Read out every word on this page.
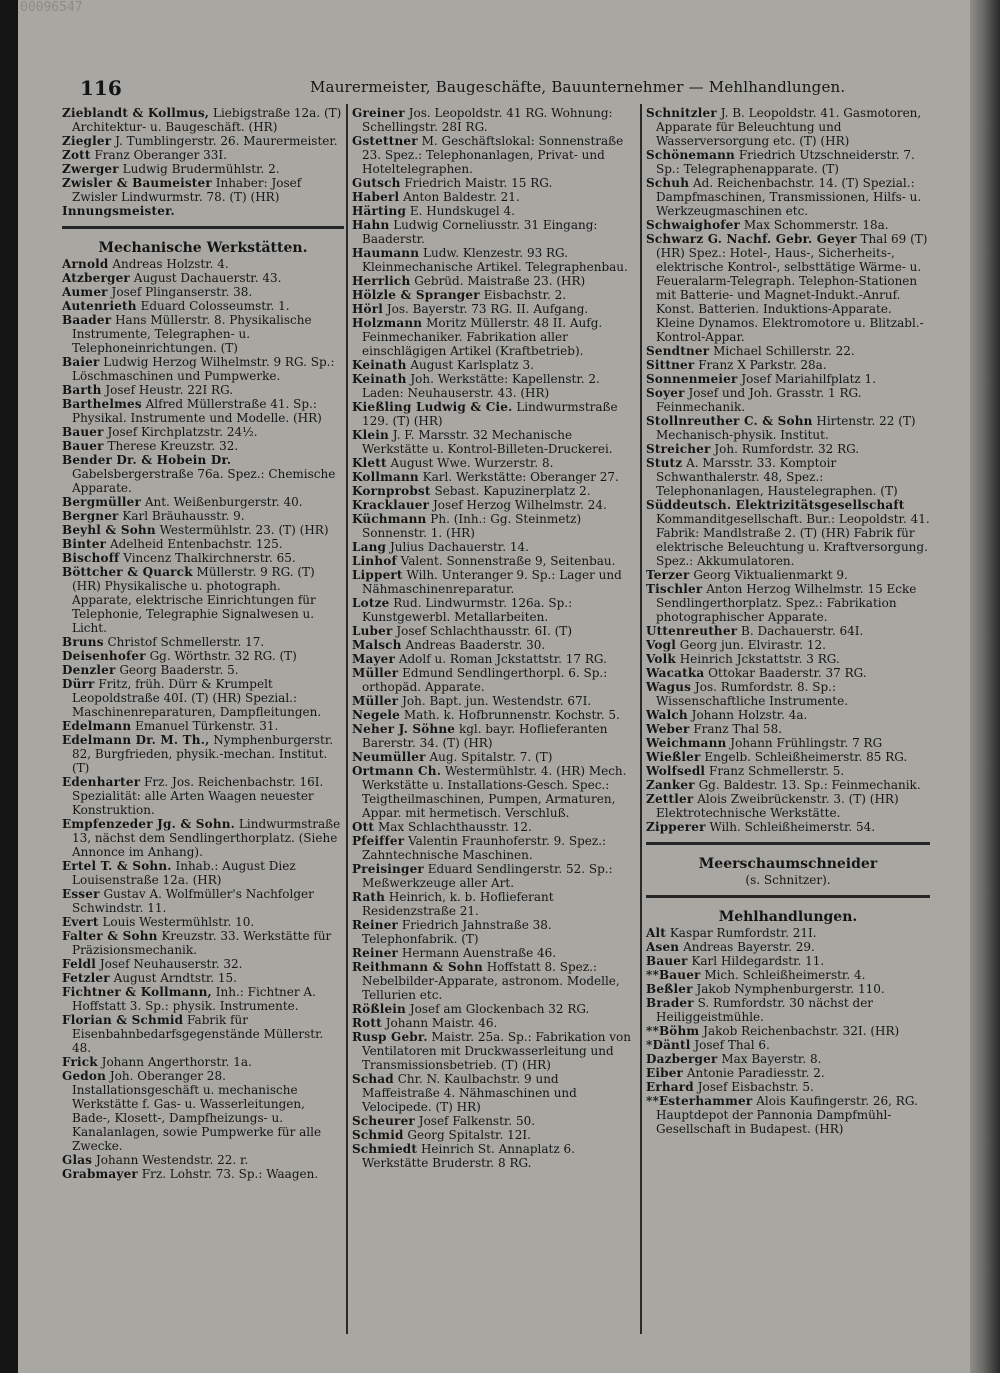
00096547
116	Maurermeister, Baugeschäfte, Bauunternehmer — Mehlhandlungen.

Zieblandt & Kollmus, Liebigstraße 12a. (T) Architektur- u. Baugeschäft. (HR)

Ziegler J. Tumblingerstr. 26. Maurermeister.

Zott Franz Oberanger 33I.

Zwerger Ludwig Brudermühlstr. 2.

Zwisler & Baumeister Inhaber: Josef Zwisler Lindwurmstr. 78. (T) (HR)

Innungsmeister.

Mechanische Werkstätten.

Arnold Andreas Holzstr. 4.

Atzberger August Dachauerstr. 43.

Aumer Josef Plinganserstr. 38.

Autenrieth Eduard Colosseumstr. 1.

Baader Hans Müllerstr. 8. Physikalische Instrumente, Telegraphen- u. Telephoneinrichtungen. (T)

Baier Ludwig Herzog Wilhelmstr. 9 RG. Sp.: Löschmaschinen und Pumpwerke.

Barth Josef Heustr. 22I RG.

Barthelmes Alfred Müllerstraße 41. Sp.: Physikal. Instrumente und Modelle. (HR)

Bauer Josef Kirchplatzstr. 24½.

Bauer Therese Kreuzstr. 32.

Bender Dr. & Hobein Dr. Gabelsbergerstraße 76a. Spez.: Chemische Apparate.

Bergmüller Ant. Weißenburgerstr. 40.

Bergner Karl Bräuhausstr. 9.

Beyhl & Sohn Westermühlstr. 23. (T) (HR)

Binter Adelheid Entenbachstr. 125.

Bischoff Vincenz Thalkirchnerstr. 65.

Böttcher & Quarck Müllerstr. 9 RG. (T) (HR) Physikalische u. photograph. Apparate, elektrische Einrichtungen für Telephonie, Telegraphie Signalwesen u. Licht.

Bruns Christof Schmellerstr. 17.

Deisenhofer Gg. Wörthstr. 32 RG. (T)

Denzler Georg Baaderstr. 5.

Dürr Fritz, früh. Dürr & Krumpelt Leopoldstraße 40I. (T) (HR) Spezial.: Maschinenreparaturen, Dampfleitungen.

Edelmann Emanuel Türkenstr. 31.

Edelmann Dr. M. Th., Nymphenburgerstr. 82, Burgfrieden, physik.-mechan. Institut. (T)

Edenharter Frz. Jos. Reichenbachstr. 16I. Spezialität: alle Arten Waagen neuester Konstruktion.

Empfenzeder Jg. & Sohn. Lindwurmstraße 13, nächst dem Sendlingerthorplatz. (Siehe Annonce im Anhang).

Ertel T. & Sohn. Inhab.: August Diez Louisenstraße 12a. (HR)

Esser Gustav A. Wolfmüller's Nachfolger Schwindstr. 11.

Evert Louis Westermühlstr. 10.

Falter & Sohn Kreuzstr. 33. Werkstätte für Präzisionsmechanik.

Feldl Josef Neuhauserstr. 32.

Fetzler August Arndtstr. 15.

Fichtner & Kollmann, Inh.: Fichtner A. Hoffstatt 3. Sp.: physik. Instrumente.

Florian & Schmid Fabrik für Eisenbahnbedarfsgegenstände Müllerstr. 48.

Frick Johann Angerthorstr. 1a.

Gedon Joh. Oberanger 28. Installationsgeschäft u. mechanische Werkstätte f. Gas- u. Wasserleitungen, Bade-, Klosett-, Dampfheizungs- u. Kanalanlagen, sowie Pumpwerke für alle Zwecke.

Glas Johann Westendstr. 22. r.

Grabmayer Frz. Lohstr. 73. Sp.: Waagen.

Greiner Jos. Leopoldstr. 41 RG. Wohnung: Schellingstr. 28I RG.

Gstettner M. Geschäftslokal: Sonnenstraße 23. Spez.: Telephonanlagen, Privat- und Hoteltelegraphen.

Gutsch Friedrich Maistr. 15 RG.

Haberl Anton Baldestr. 21.

Härting E. Hundskugel 4.

Hahn Ludwig Corneliusstr. 31 Eingang: Baaderstr.

Haumann Ludw. Klenzestr. 93 RG. Kleinmechanische Artikel. Telegraphenbau.

Herrlich Gebrüd. Maistraße 23. (HR)

Hölzle & Spranger Eisbachstr. 2.

Hörl Jos. Bayerstr. 73 RG. II. Aufgang.

Holzmann Moritz Müllerstr. 48 II. Aufg. Feinmechaniker. Fabrikation aller einschlägigen Artikel (Kraftbetrieb).

Keinath August Karlsplatz 3.

Keinath Joh. Werkstätte: Kapellenstr. 2. Laden: Neuhauserstr. 43. (HR)

Kießling Ludwig & Cie. Lindwurmstraße 129. (T) (HR)

Klein J. F. Marsstr. 32 Mechanische Werkstätte u. Kontrol-Billeten-Druckerei.

Klett August Wwe. Wurzerstr. 8.

Kollmann Karl. Werkstätte: Oberanger 27.

Kornprobst Sebast. Kapuzinerplatz 2.

Kracklauer Josef Herzog Wilhelmstr. 24.

Küchmann Ph. (Inh.: Gg. Steinmetz) Sonnenstr. 1. (HR)

Lang Julius Dachauerstr. 14.

Linhof Valent. Sonnenstraße 9, Seitenbau.

Lippert Wilh. Unteranger 9. Sp.: Lager und Nähmaschinenreparatur.

Lotze Rud. Lindwurmstr. 126a. Sp.: Kunstgewerbl. Metallarbeiten.

Luber Josef Schlachthausstr. 6I. (T)

Malsch Andreas Baaderstr. 30.

Mayer Adolf u. Roman Jckstattstr. 17 RG.

Müller Edmund Sendlingerthorpl. 6. Sp.: orthopäd. Apparate.

Müller Joh. Bapt. jun. Westendstr. 67I.

Negele Math. k. Hofbrunnenstr. Kochstr. 5.

Neher J. Söhne kgl. bayr. Hoflieferanten Barerstr. 34. (T) (HR)

Neumüller Aug. Spitalstr. 7. (T)

Ortmann Ch. Westermühlstr. 4. (HR) Mech. Werkstätte u. Installations-Gesch. Spec.: Teigtheilmaschinen, Pumpen, Armaturen, Appar. mit hermetisch. Verschluß.

Ott Max Schlachthausstr. 12.

Pfeiffer Valentin Fraunhoferstr. 9. Spez.: Zahntechnische Maschinen.

Preisinger Eduard Sendlingerstr. 52. Sp.: Meßwerkzeuge aller Art.

Rath Heinrich, k. b. Hoflieferant Residenzstraße 21.

Reiner Friedrich Jahnstraße 38. Telephonfabrik. (T)

Reiner Hermann Auenstraße 46.

Reithmann & Sohn Hoffstatt 8. Spez.: Nebelbilder-Apparate, astronom. Modelle, Tellurien etc.

Rößlein Josef am Glockenbach 32 RG.

Rott Johann Maistr. 46.

Rusp Gebr. Maistr. 25a. Sp.: Fabrikation von Ventilatoren mit Druckwasserleitung und Transmissionsbetrieb. (T) (HR)

Schad Chr. N. Kaulbachstr. 9 und Maffeistraße 4. Nähmaschinen und Velocipede. (T) HR)

Scheurer Josef Falkenstr. 50.

Schmid Georg Spitalstr. 12I.

Schmiedt Heinrich St. Annaplatz 6. Werkstätte Bruderstr. 8 RG.

Schnitzler J. B. Leopoldstr. 41. Gasmotoren, Apparate für Beleuchtung und Wasserversorgung etc. (T) (HR)

Schönemann Friedrich Utzschneiderstr. 7. Sp.: Telegraphenapparate. (T)

Schuh Ad. Reichenbachstr. 14. (T) Spezial.: Dampfmaschinen, Transmissionen, Hilfs- u. Werkzeugmaschinen etc.

Schwaighofer Max Schommerstr. 18a.

Schwarz G. Nachf. Gebr. Geyer Thal 69 (T) (HR) Spez.: Hotel-, Haus-, Sicherheits-, elektrische Kontrol-, selbsttätige Wärme- u. Feueralarm-Telegraph. Telephon-Stationen mit Batterie- und Magnet-Indukt.-Anruf. Konst. Batterien. Induktions-Apparate. Kleine Dynamos. Elektromotore u. Blitzabl.-Kontrol-Appar.

Sendtner Michael Schillerstr. 22.

Sittner Franz X Parkstr. 28a.

Sonnenmeier Josef Mariahilfplatz 1.

Soyer Josef und Joh. Grasstr. 1 RG. Feinmechanik.

Stollnreuther C. & Sohn Hirtenstr. 22 (T) Mechanisch-physik. Institut.

Streicher Joh. Rumfordstr. 32 RG.

Stutz A. Marsstr. 33. Komptoir Schwanthalerstr. 48, Spez.: Telephonanlagen, Haustelegraphen. (T)

Süddeutsch. Elektrizitätsgesellschaft Kommanditgesellschaft. Bur.: Leopoldstr. 41. Fabrik: Mandlstraße 2. (T) (HR) Fabrik für elektrische Beleuchtung u. Kraftversorgung. Spez.: Akkumulatoren.

Terzer Georg Viktualienmarkt 9.

Tischler Anton Herzog Wilhelmstr. 15 Ecke Sendlingerthorplatz. Spez.: Fabrikation photographischer Apparate.

Uttenreuther B. Dachauerstr. 64I.

Vogl Georg jun. Elvirastr. 12.

Volk Heinrich Jckstattstr. 3 RG.

Wacatka Ottokar Baaderstr. 37 RG.

Wagus Jos. Rumfordstr. 8. Sp.: Wissenschaftliche Instrumente.

Walch Johann Holzstr. 4a.

Weber Franz Thal 58.

Weichmann Johann Frühlingstr. 7 RG

Wießler Engelb. Schleißheimerstr. 85 RG.

Wolfsedl Franz Schmellerstr. 5.

Zanker Gg. Baldestr. 13. Sp.: Feinmechanik.

Zettler Alois Zweibrückenstr. 3. (T) (HR) Elektrotechnische Werkstätte.

Zipperer Wilh. Schleißheimerstr. 54.

Meerschaumschneider
(s. Schnitzer).
Mehlhandlungen.

Alt Kaspar Rumfordstr. 21I.

Asen Andreas Bayerstr. 29.

Bauer Karl Hildegardstr. 11.

**Bauer Mich. Schleißheimerstr. 4.

Beßler Jakob Nymphenburgerstr. 110.

Brader S. Rumfordstr. 30 nächst der Heiliggeistmühle.

**Böhm Jakob Reichenbachstr. 32I. (HR)

*Däntl Josef Thal 6.

Dazberger Max Bayerstr. 8.

Eiber Antonie Paradiesstr. 2.

Erhard Josef Eisbachstr. 5.

**Esterhammer Alois Kaufingerstr. 26, RG. Hauptdepot der Pannonia Dampfmühl-Gesellschaft in Budapest. (HR)
